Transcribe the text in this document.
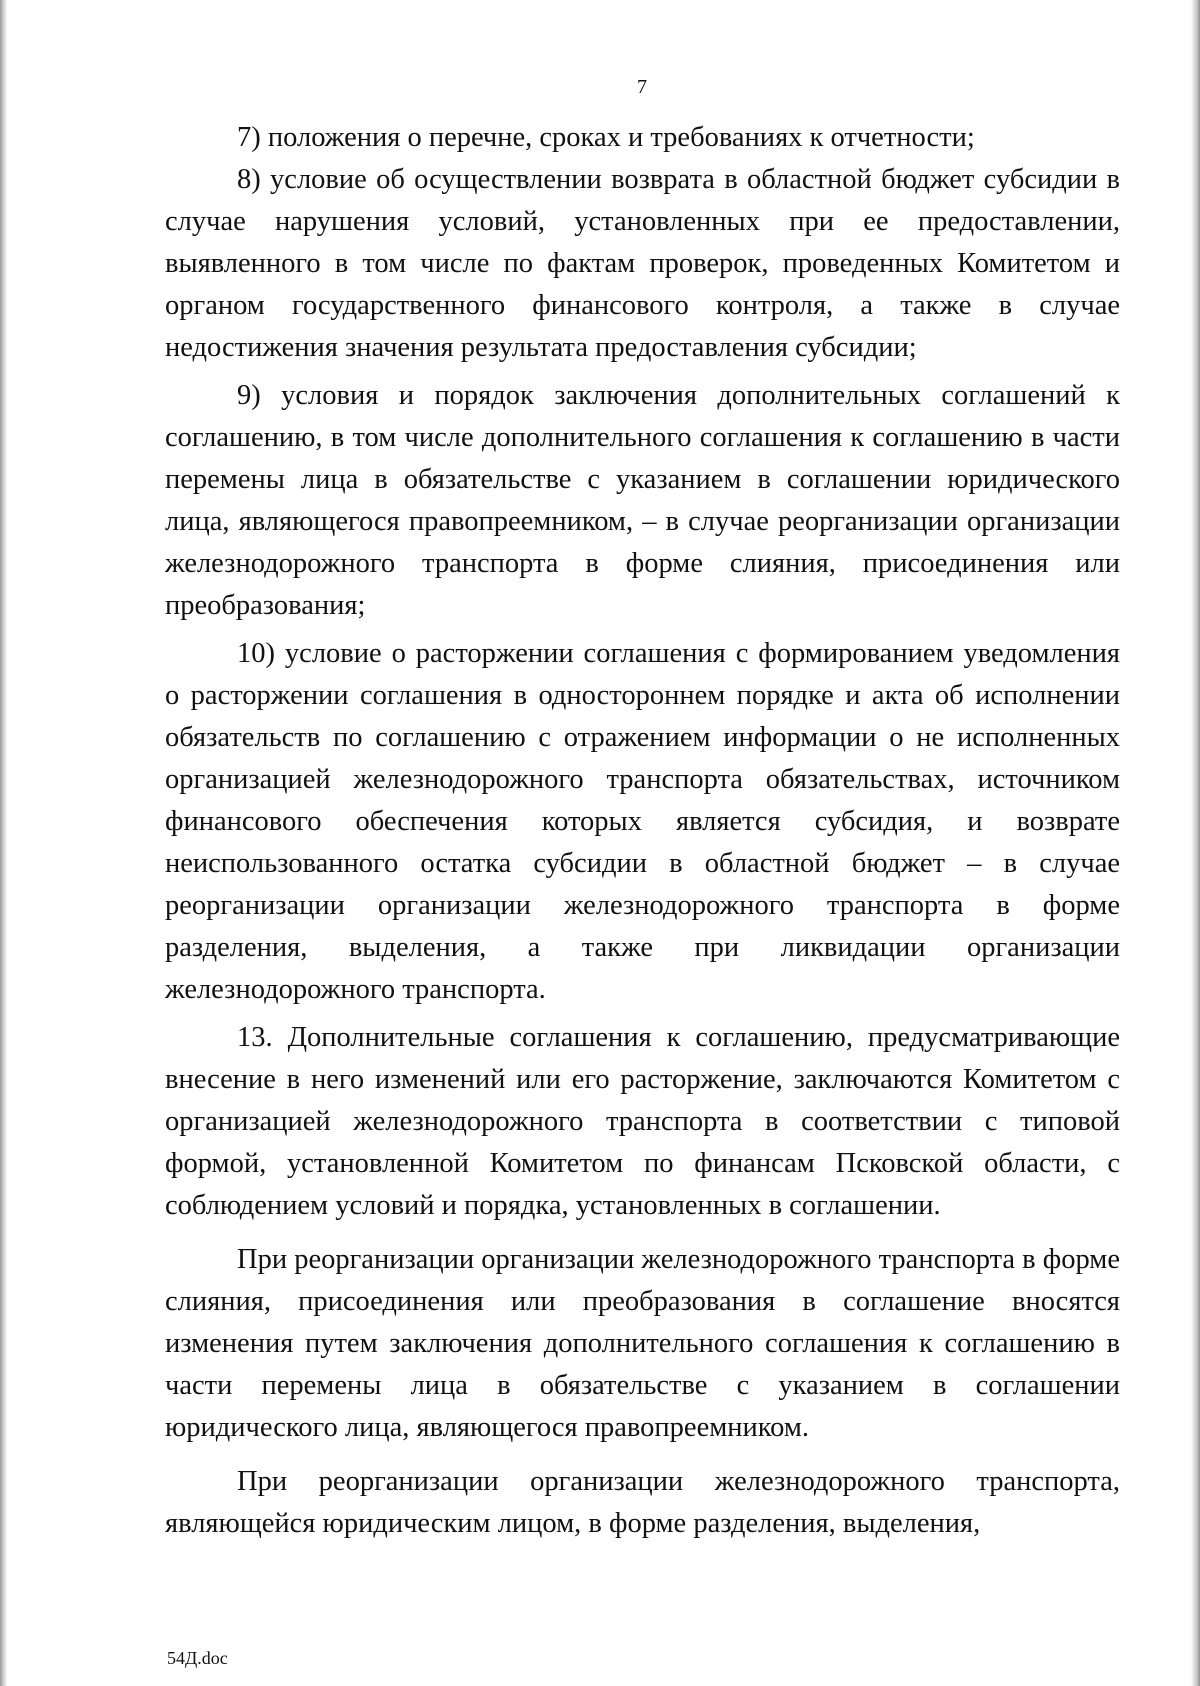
7

7) положения о перечне, сроках и требованиях к отчетности;

8) условие об осуществлении возврата в областной бюджет субсидии в случае нарушения условий, установленных при ее предоставлении, выявленного в том числе по фактам проверок, проведенных Комитетом и органом государственного финансового контроля, а также в случае недостижения значения результата предоставления субсидии;

9) условия и порядок заключения дополнительных соглашений к соглашению, в том числе дополнительного соглашения к соглашению в части перемены лица в обязательстве с указанием в соглашении юридического лица, являющегося правопреемником, – в случае реорганизации организации железнодорожного транспорта в форме слияния, присоединения или преобразования;

10) условие о расторжении соглашения с формированием уведомления о расторжении соглашения в одностороннем порядке и акта об исполнении обязательств по соглашению с отражением информации о не исполненных организацией железнодорожного транспорта обязательствах, источником финансового обеспечения которых является субсидия, и возврате неиспользованного остатка субсидии в областной бюджет – в случае реорганизации организации железнодорожного транспорта в форме разделения, выделения, а также при ликвидации организации железнодорожного транспорта.

13. Дополнительные соглашения к соглашению, предусматривающие внесение в него изменений или его расторжение, заключаются Комитетом с организацией железнодорожного транспорта в соответствии с типовой формой, установленной Комитетом по финансам Псковской области, с соблюдением условий и порядка, установленных в соглашении.

При реорганизации организации железнодорожного транспорта в форме слияния, присоединения или преобразования в соглашение вносятся изменения путем заключения дополнительного соглашения к соглашению в части перемены лица в обязательстве с указанием в соглашении юридического лица, являющегося правопреемником.

При реорганизации организации железнодорожного транспорта, являющейся юридическим лицом, в форме разделения, выделения,

54Д.doc
